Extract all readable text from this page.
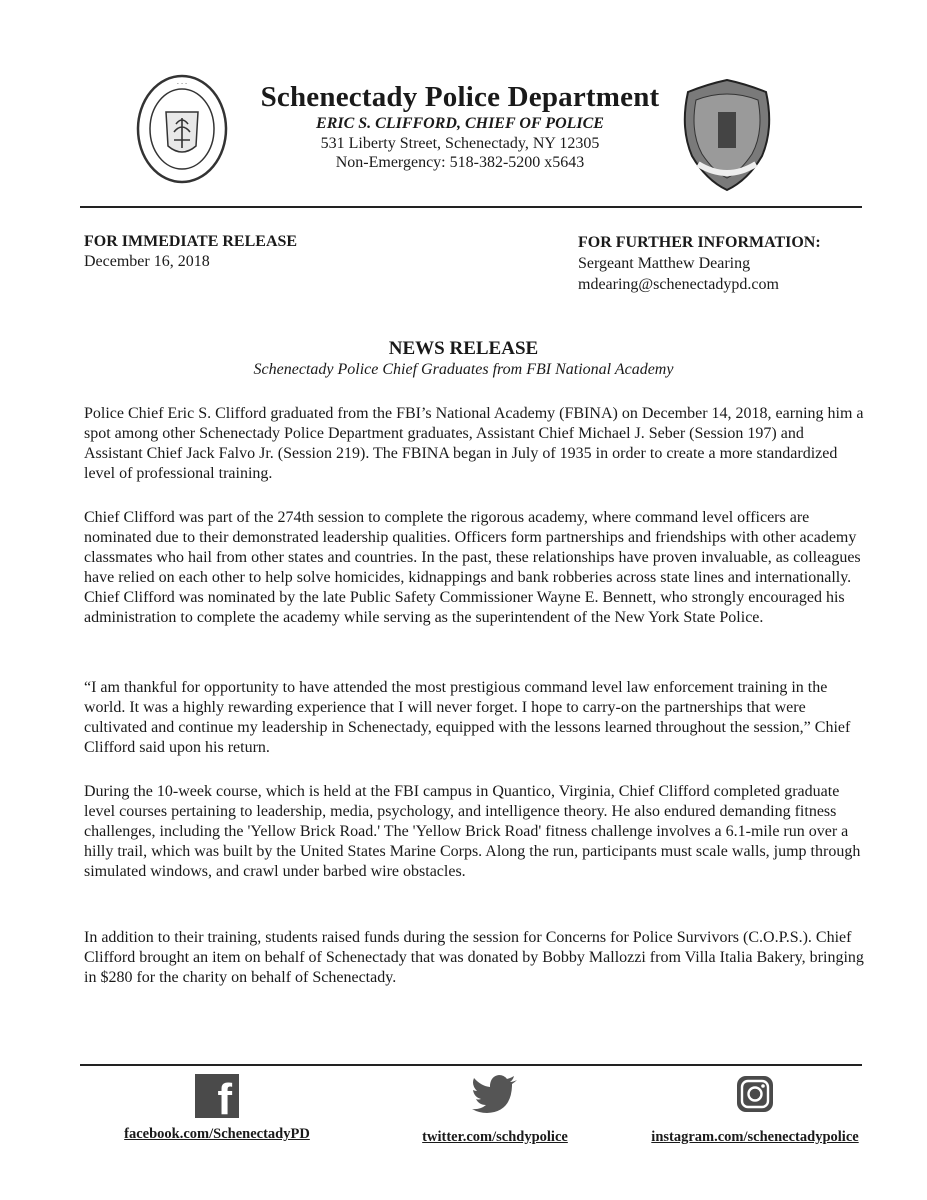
· · ·	Schenectady Police Department
ERIC S. CLIFFORD, CHIEF OF POLICE
531 Liberty Street, Schenectady, NY 12305
Non-Emergency: 518-382-5200 x5643
FOR IMMEDIATE RELEASE
December 16, 2018
FOR FURTHER INFORMATION:
Sergeant Matthew Dearing
mdearing@schenectadypd.com
NEWS RELEASE
Schenectady Police Chief Graduates from FBI National Academy

Police Chief Eric S. Clifford graduated from the FBI’s National Academy (FBINA) on December 14, 2018, earning him a spot among other Schenectady Police Department graduates, Assistant Chief Michael J. Seber (Session 197) and Assistant Chief Jack Falvo Jr. (Session 219). The FBINA began in July of 1935 in order to create a more standardized level of professional training.

Chief Clifford was part of the 274th session to complete the rigorous academy, where command level officers are nominated due to their demonstrated leadership qualities. Officers form partnerships and friendships with other academy classmates who hail from other states and countries. In the past, these relationships have proven invaluable, as colleagues have relied on each other to help solve homicides, kidnappings and bank robberies across state lines and internationally. Chief Clifford was nominated by the late Public Safety Commissioner Wayne E. Bennett, who strongly encouraged his administration to complete the academy while serving as the superintendent of the New York State Police.

“I am thankful for opportunity to have attended the most prestigious command level law enforcement training in the world. It was a highly rewarding experience that I will never forget. I hope to carry-on the partnerships that were cultivated and continue my leadership in Schenectady, equipped with the lessons learned throughout the session,” Chief Clifford said upon his return.

During the 10-week course, which is held at the FBI campus in Quantico, Virginia, Chief Clifford completed graduate level courses pertaining to leadership, media, psychology, and intelligence theory. He also endured demanding fitness challenges, including the 'Yellow Brick Road.' The 'Yellow Brick Road' fitness challenge involves a 6.1-mile run over a hilly trail, which was built by the United States Marine Corps. Along the run, participants must scale walls, jump through simulated windows, and crawl under barbed wire obstacles.

In addition to their training, students raised funds during the session for Concerns for Police Survivors (C.O.P.S.). Chief Clifford brought an item on behalf of Schenectady that was donated by Bobby Mallozzi from Villa Italia Bakery, bringing in $280 for the charity on behalf of Schenectady.

f
facebook.com/SchenectadyPD	twitter.com/schdypolice	instagram.com/schenectadypolice
